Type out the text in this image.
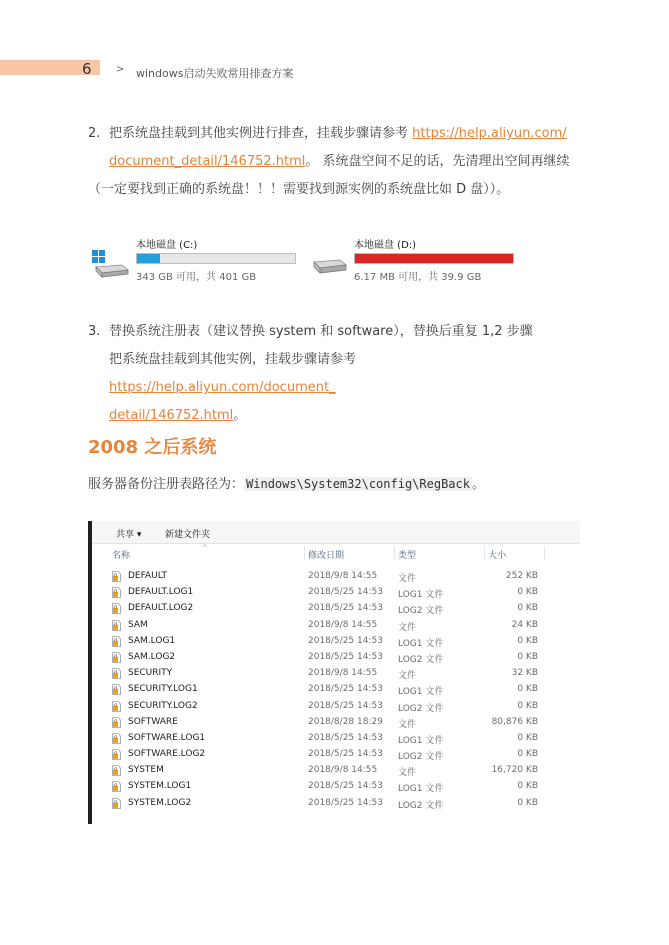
6 > windows启动失败常用排查方案
2. 把系统盘挂载到其他实例进行排查，挂载步骤请参考 https://help.aliyun.com/
document_detail/146752.html。 系统盘空间不足的话，先清理出空间再继续
（一定要找到正确的系统盘！！！需要找到源实例的系统盘比如 D 盘））。
本地磁盘 (C:)
343 GB 可用，共 401 GB
本地磁盘 (D:)
6.17 MB 可用，共 39.9 GB
3. 替换系统注册表（建议替换 system 和 software），替换后重复 1,2 步骤
把系统盘挂载到其他实例，挂载步骤请参考 https://help.aliyun.com/document_
detail/146752.html。
2008 之后系统
服务器备份注册表路径为： Windows\System32\config\RegBack 。
共享 ▾	新建文件夹
名称
^
修改日期	类型	大小
DEFAULT	2018/9/8 14:55 文件	252 KB
DEFAULT.LOG1	2018/5/25 14:53 LOG1 文件	0 KB
DEFAULT.LOG2	2018/5/25 14:53 LOG2 文件	0 KB
SAM	2018/9/8 14:55 文件	24 KB
SAM.LOG1	2018/5/25 14:53 LOG1 文件	0 KB
SAM.LOG2	2018/5/25 14:53 LOG2 文件	0 KB
SECURITY	2018/9/8 14:55 文件	32 KB
SECURITY.LOG1	2018/5/25 14:53 LOG1 文件	0 KB
SECURITY.LOG2	2018/5/25 14:53 LOG2 文件	0 KB
SOFTWARE	2018/8/28 18:29 文件	80,876 KB
SOFTWARE.LOG1	2018/5/25 14:53 LOG1 文件	0 KB
SOFTWARE.LOG2	2018/5/25 14:53 LOG2 文件	0 KB
SYSTEM	2018/9/8 14:55 文件	16,720 KB
SYSTEM.LOG1	2018/5/25 14:53 LOG1 文件	0 KB
SYSTEM.LOG2	2018/5/25 14:53 LOG2 文件	0 KB
